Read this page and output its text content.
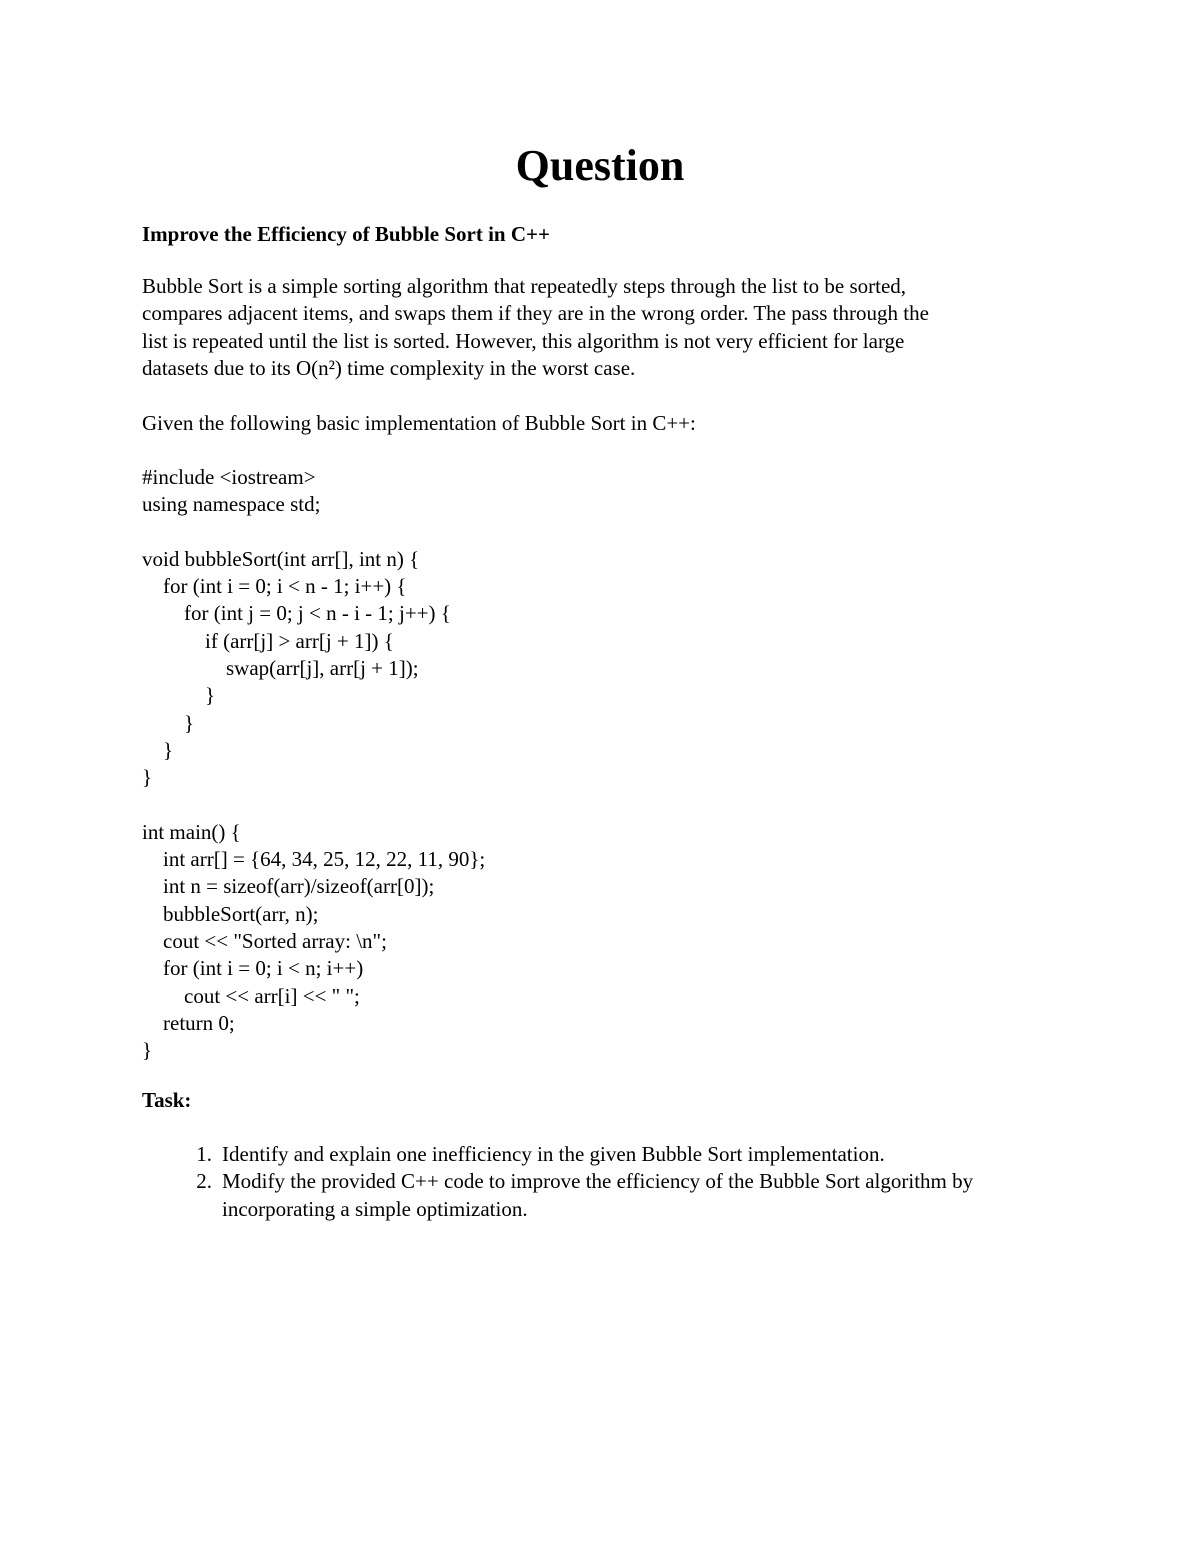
Question
Improve the Efficiency of Bubble Sort in C++
Bubble Sort is a simple sorting algorithm that repeatedly steps through the list to be sorted,
compares adjacent items, and swaps them if they are in the wrong order. The pass through the
list is repeated until the list is sorted. However, this algorithm is not very efficient for large
datasets due to its O(n²) time complexity in the worst case.
Given the following basic implementation of Bubble Sort in C++:
#include <iostream>
using namespace std;
void bubbleSort(int arr[], int n) {
for (int i = 0; i < n - 1; i++) {
for (int j = 0; j < n - i - 1; j++) {
if (arr[j] > arr[j + 1]) {
swap(arr[j], arr[j + 1]);
}
}
}
}
int main() {
int arr[] = {64, 34, 25, 12, 22, 11, 90};
int n = sizeof(arr)/sizeof(arr[0]);
bubbleSort(arr, n);
cout << "Sorted array: \n";
for (int i = 0; i < n; i++)
cout << arr[i] << " ";
return 0;
}
Task:
1. Identify and explain one inefficiency in the given Bubble Sort implementation.
2. Modify the provided C++ code to improve the efficiency of the Bubble Sort algorithm by
incorporating a simple optimization.
